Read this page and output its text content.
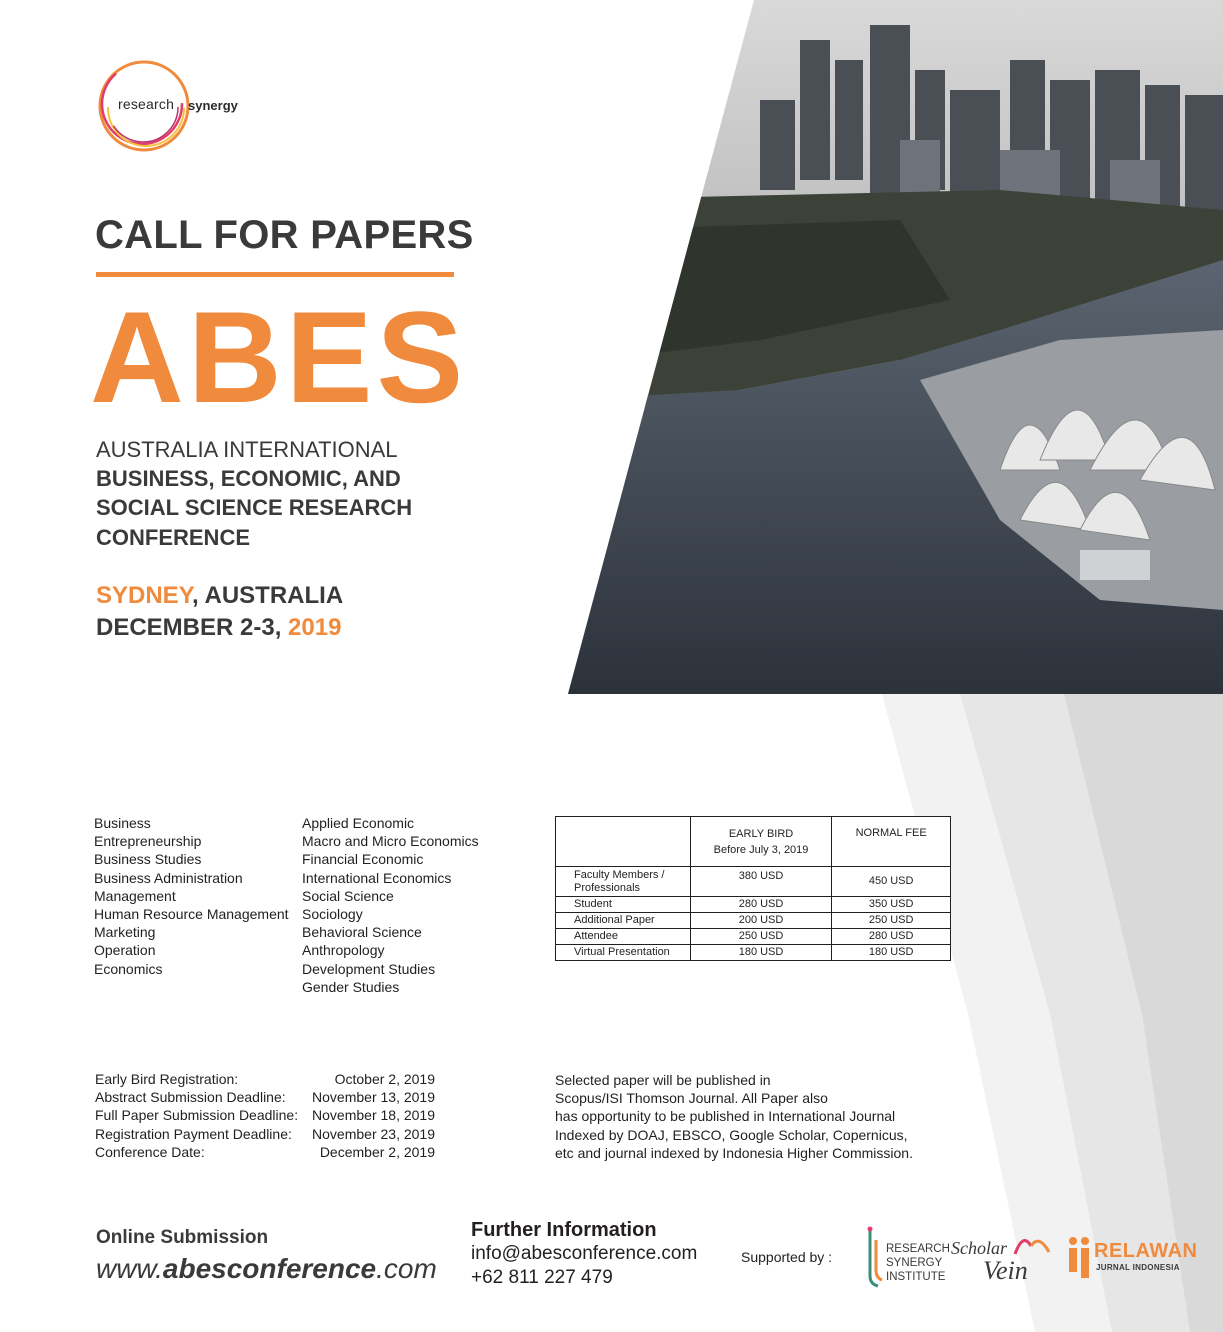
research synergy
CALL FOR PAPERS
ABES
AUSTRALIA INTERNATIONAL
BUSINESS, ECONOMIC, AND
SOCIAL SCIENCE RESEARCH
CONFERENCE
SYDNEY, AUSTRALIA
DECEMBER 2-3, 2019
FIELD OF STUDY
Business
Entrepreneurship
Business Studies
Business Administration
Management
Human Resource Management
Marketing
Operation
Economics
Applied Economic
Macro and Micro Economics
Financial Economic
International Economics
Social Science
Sociology
Behavioral Science
Anthropology
Development Studies
Gender Studies
CONFERENCE FEES
	EARLY BIRD
Before July 3, 2019	NORMAL FEE
Faculty Members / Professionals	380 USD	450 USD
Student	280 USD	350 USD
Additional Paper	200 USD	250 USD
Attendee	250 USD	280 USD
Virtual Presentation	180 USD	180 USD
IMPORTANT DATES
Early Bird Registration:	October 2, 2019
Abstract Submission Deadline: November 13, 2019
Full Paper Submission Deadline: November 18, 2019
Registration Payment Deadline: November 23, 2019
Conference Date:	December 2, 2019
PUBLICATION OPPORTUNITIES
Selected paper will be published in
Scopus/ISI Thomson Journal. All Paper also
has opportunity to be published in International Journal
Indexed by DOAJ, EBSCO, Google Scholar, Copernicus,
etc and journal indexed by Indonesia Higher Commission.
Online Submission
www.abesconference.com
Further Information
info@abesconference.com
+62 811 227 479
Supported by :	RESEARCH
SYNERGY
INSTITUTE
Scholar
Vein
RELAWAN
JURNAL INDONESIA
